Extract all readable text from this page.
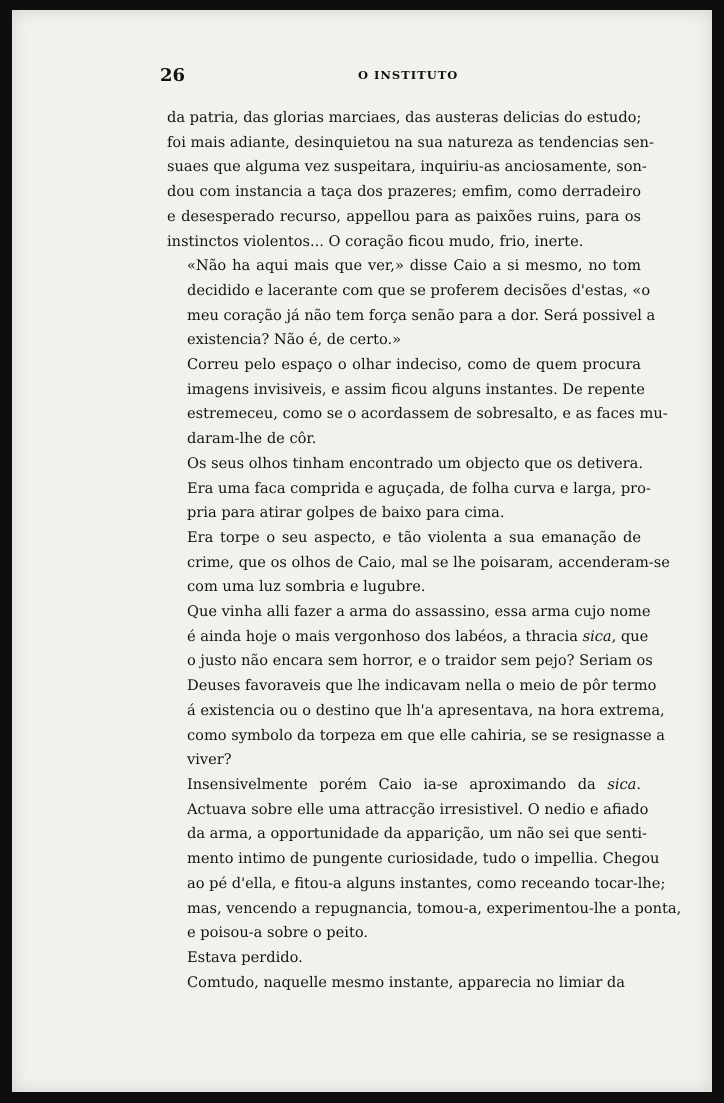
26	O INSTITUTO

da patria, das glorias marciaes, das austeras delicias do estudo;
foi mais adiante, desinquietou na sua natureza as tendencias sen-
suaes que alguma vez suspeitara, inquiriu-as anciosamente, son-
dou com instancia a taça dos prazeres; emfim, como derradeiro
e desesperado recurso, appellou para as paixões ruins, para os
instinctos violentos... O coração ficou mudo, frio, inerte.

«Não ha aqui mais que ver,» disse Caio a si mesmo, no tom
decidido e lacerante com que se proferem decisões d'estas, «o
meu coração já não tem força senão para a dor. Será possivel a
existencia? Não é, de certo.»

Correu pelo espaço o olhar indeciso, como de quem procura
imagens invisiveis, e assim ficou alguns instantes. De repente
estremeceu, como se o acordassem de sobresalto, e as faces mu-
daram-lhe de côr.

Os seus olhos tinham encontrado um objecto que os detivera.
Era uma faca comprida e aguçada, de folha curva e larga, pro-
pria para atirar golpes de baixo para cima.

Era torpe o seu aspecto, e tão violenta a sua emanação de
crime, que os olhos de Caio, mal se lhe poisaram, accenderam-se
com uma luz sombria e lugubre.

Que vinha alli fazer a arma do assassino, essa arma cujo nome
é ainda hoje o mais vergonhoso dos labéos, a thracia sica, que
o justo não encara sem horror, e o traidor sem pejo? Seriam os
Deuses favoraveis que lhe indicavam nella o meio de pôr termo
á existencia ou o destino que lh'a apresentava, na hora extrema,
como symbolo da torpeza em que elle cahiria, se se resignasse a
viver?

Insensivelmente porém Caio ia-se aproximando da sica.
Actuava sobre elle uma attracção irresistivel. O nedio e afiado
da arma, a opportunidade da apparição, um não sei que senti-
mento intimo de pungente curiosidade, tudo o impellia. Chegou
ao pé d'ella, e fitou-a alguns instantes, como receando tocar-lhe;
mas, vencendo a repugnancia, tomou-a, experimentou-lhe a ponta,
e poisou-a sobre o peito.

Estava perdido.

Comtudo, naquelle mesmo instante, apparecia no limiar da
